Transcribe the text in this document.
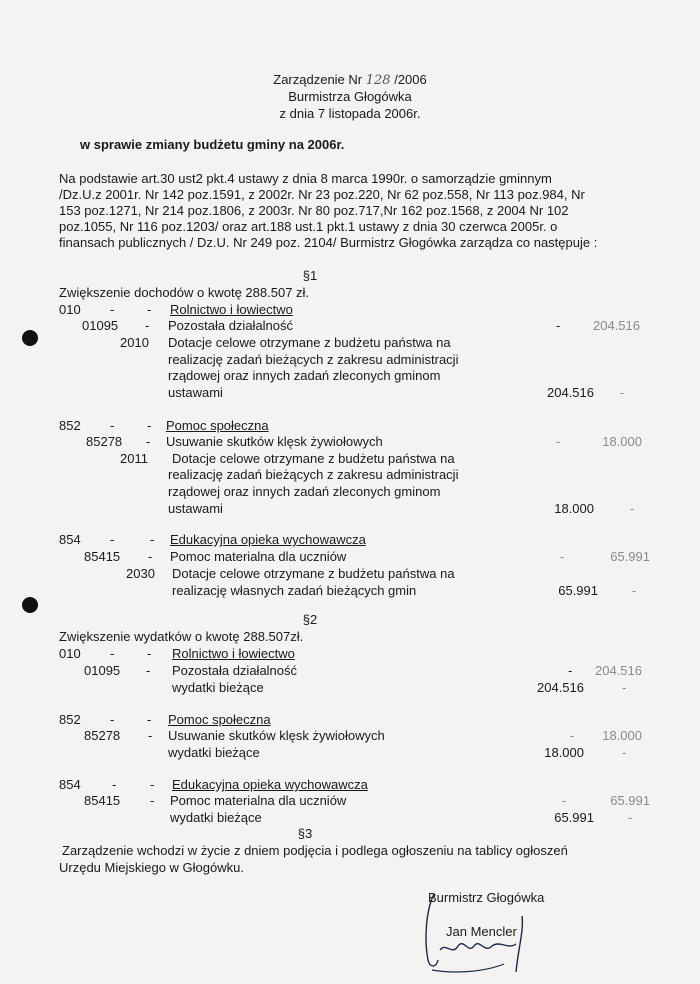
Zarządzenie Nr 128 /2006
Burmistrza Głogówka
z dnia 7 listopada 2006r.
w sprawie zmiany budżetu gminy na 2006r.
Na podstawie art.30 ust2 pkt.4 ustawy z dnia 8 marca 1990r. o samorządzie gminnym
/Dz.U.z 2001r. Nr 142 poz.1591, z 2002r. Nr 23 poz.220, Nr 62 poz.558, Nr 113 poz.984, Nr
153 poz.1271, Nr 214 poz.1806, z 2003r. Nr 80 poz.717,Nr 162 poz.1568, z 2004 Nr 102
poz.1055, Nr 116 poz.1203/ oraz art.188 ust.1 pkt.1 ustawy z dnia 30 czerwca 2005r. o
finansach publicznych / Dz.U. Nr 249 poz. 2104/ Burmistrz Głogówka zarządza co następuje :
§1
Zwiększenie dochodów o kwotę 288.507 zł.
010 -	- Rolnictwo i łowiectwo
01095 - Pozostała działalność	-	204.516
2010 Dotacje celowe otrzymane z budżetu państwa na
realizację zadań bieżących z zakresu administracji
rządowej oraz innych zadań zleconych gminom
ustawami	204.516 -
852 -	- Pomoc społeczna
85278 - Usuwanie skutków klęsk żywiołowych	-	18.000
2011 Dotacje celowe otrzymane z budżetu państwa na
realizację zadań bieżących z zakresu administracji
rządowej oraz innych zadań zleconych gminom
ustawami	18.000	-
854 -	- Edukacyjna opieka wychowawcza
85415 - Pomoc materialna dla uczniów	-	65.991
2030 Dotacje celowe otrzymane z budżetu państwa na
realizację własnych zadań bieżących gmin	65.991	-
§2
Zwiększenie wydatków o kwotę 288.507zł.
010 -	- Rolnictwo i łowiectwo
01095 - Pozostała działalność	-	204.516
wydatki bieżące	204.516	-
852 -	- Pomoc społeczna
85278 - Usuwanie skutków klęsk żywiołowych	-	18.000
wydatki bieżące	18.000	-
854 -	- Edukacyjna opieka wychowawcza
85415 - Pomoc materialna dla uczniów	-	65.991
wydatki bieżące	65.991	-
§3
Zarządzenie wchodzi w życie z dniem podjęcia i podlega ogłoszeniu na tablicy ogłoszeń
Urzędu Miejskiego w Głogówku.
Burmistrz Głogówka
Jan Mencler
